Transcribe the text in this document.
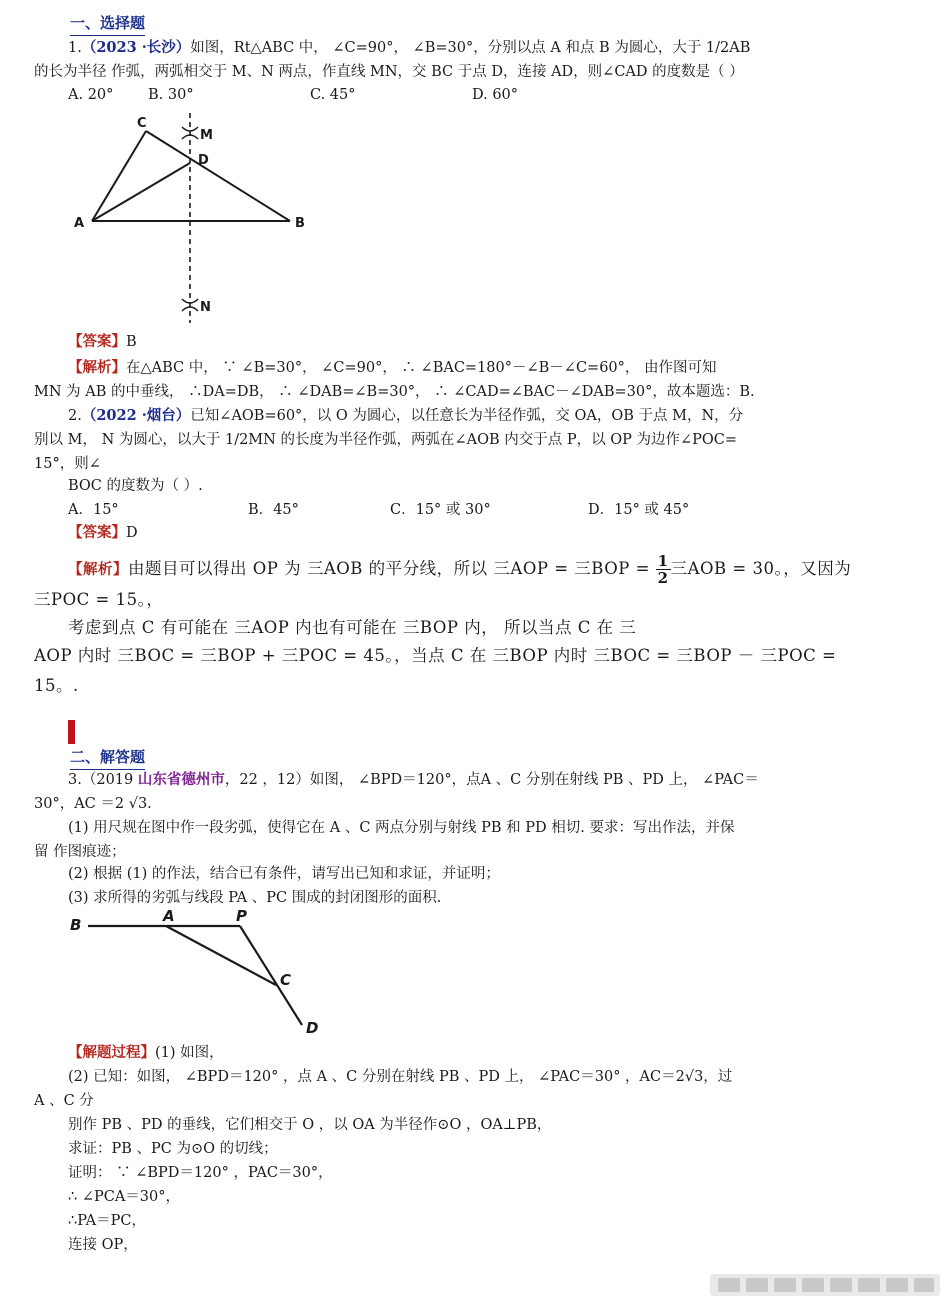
一、选择题
1.（2023 ·长沙）如图，Rt△ABC 中， ∠C=90°， ∠B=30°，分别以点 A 和点 B 为圆心，大于 1/2AB
的长为半径 作弧，两弧相交于 M、N 两点，作直线 MN，交 BC 于点 D，连接 AD，则∠CAD 的度数是（ ）
A. 20° B. 30°	C. 45°	D. 60°
C
M
D
A	B
N
【答案】B
【解析】在△ABC 中， ∵ ∠B=30°， ∠C=90°， ∴ ∠BAC=180°－∠B－∠C=60°， 由作图可知
MN 为 AB 的中垂线， ∴DA=DB， ∴ ∠DAB=∠B=30°， ∴ ∠CAD=∠BAC－∠DAB=30°，故本题选：B.
2.（2022 ·烟台）已知∠AOB=60°，以 O 为圆心，以任意长为半径作弧，交 OA，OB 于点 M，N，分
别以 M， N 为圆心，以大于 1/2MN 的长度为半径作弧，两弧在∠AOB 内交于点 P，以 OP 为边作∠POC=
15°，则∠
BOC 的度数为（ ）.
A．15°	B．45°	C．15° 或 30°	D．15° 或 45°
【答案】D
【解析】由题目可以得出 OP 为 三AOB 的平分线，所以 三AOP = 三BOP = $\frac{1}{2}$ 三AOB = 30。，又因为
三POC = 15。，
考虑到点 C 有可能在 三AOP 内也有可能在 三BOP 内， 所以当点 C 在 三
AOP 内时 三BOC = 三BOP + 三POC = 45。，当点 C 在 三BOP 内时 三BOC = 三BOP － 三POC =
15。.
二、解答题
3.（2019 山东省德州市，22 ，12）如图， ∠BPD＝120°，点A 、C 分别在射线 PB 、PD 上， ∠PAC＝
30°，AC ＝2 √3.
(1) 用尺规在图中作一段劣弧，使得它在 A 、C 两点分别与射线 PB 和 PD 相切. 要求：写出作法，并保
留 作图痕迹；
(2) 根据 (1) 的作法，结合已有条件，请写出已知和求证，并证明；
(3) 求所得的劣弧与线段 PA 、PC 围成的封闭图形的面积.
B	A	P
C
D
【解题过程】(1) 如图，
(2) 已知：如图， ∠BPD＝120° ，点 A 、C 分别在射线 PB 、PD 上， ∠PAC＝30° ，AC＝2√3，过
A 、C 分
别作 PB 、PD 的垂线，它们相交于 O ，以 OA 为半径作⊙O ，OA⊥PB，
求证：PB 、PC 为⊙O 的切线；
证明： ∵ ∠BPD＝120° ，PAC＝30°，
∴ ∠PCA＝30°，
∴PA＝PC，
连接 OP，
